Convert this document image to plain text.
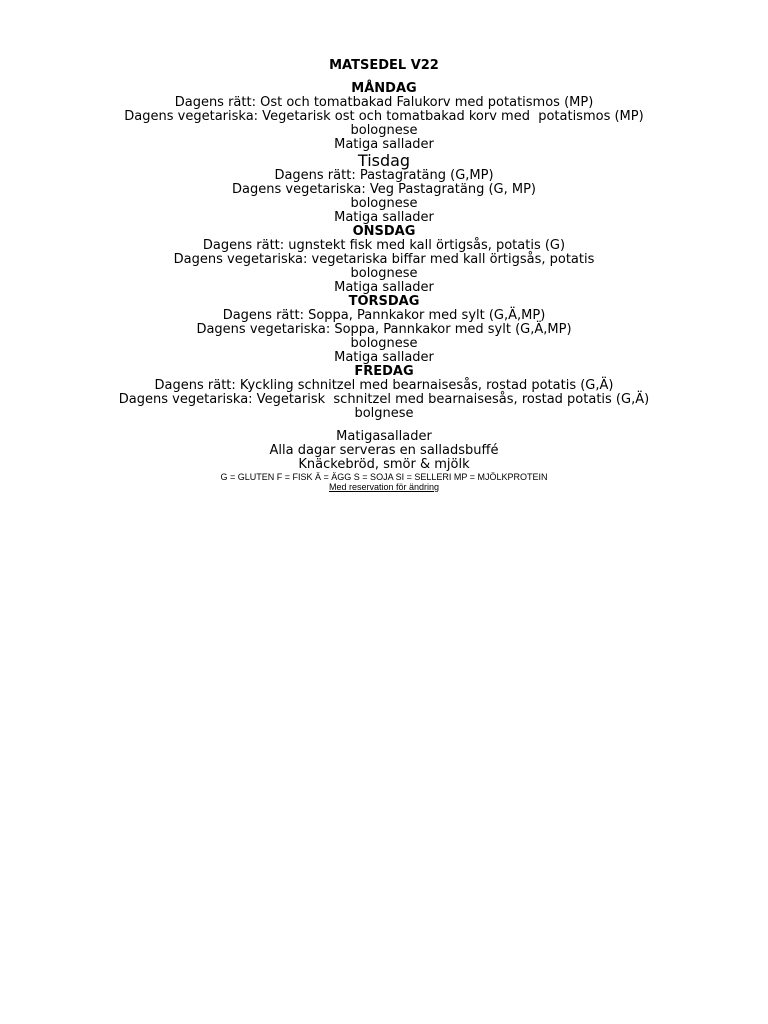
MATSEDEL V22
MÅNDAG
Dagens rätt: Ost och tomatbakad Falukorv med potatismos (MP)
Dagens vegetariska: Vegetarisk ost och tomatbakad korv med  potatismos (MP)
bolognese
Matiga sallader
Tisdag
Dagens rätt: Pastagratäng (G,MP)
Dagens vegetariska: Veg Pastagratäng (G, MP)
bolognese
Matiga sallader
ONSDAG
Dagens rätt: ugnstekt fisk med kall örtigsås, potatis (G)
Dagens vegetariska: vegetariska biffar med kall örtigsås, potatis
bolognese
Matiga sallader
TORSDAG
Dagens rätt: Soppa, Pannkakor med sylt (G,Ä,MP)
Dagens vegetariska: Soppa, Pannkakor med sylt (G,Ä,MP)
bolognese
Matiga sallader
FREDAG
Dagens rätt: Kyckling schnitzel med bearnaisesås, rostad potatis (G,Ä)
Dagens vegetariska: Vegetarisk  schnitzel med bearnaisesås, rostad potatis (G,Ä)
bolgnese
Matigasallader
Alla dagar serveras en salladsbuffé
Knäckebröd, smör & mjölk
G = GLUTEN F = FISK Ä = ÄGG S = SOJA SI = SELLERI MP = MJÖLKPROTEIN
Med reservation för ändring
